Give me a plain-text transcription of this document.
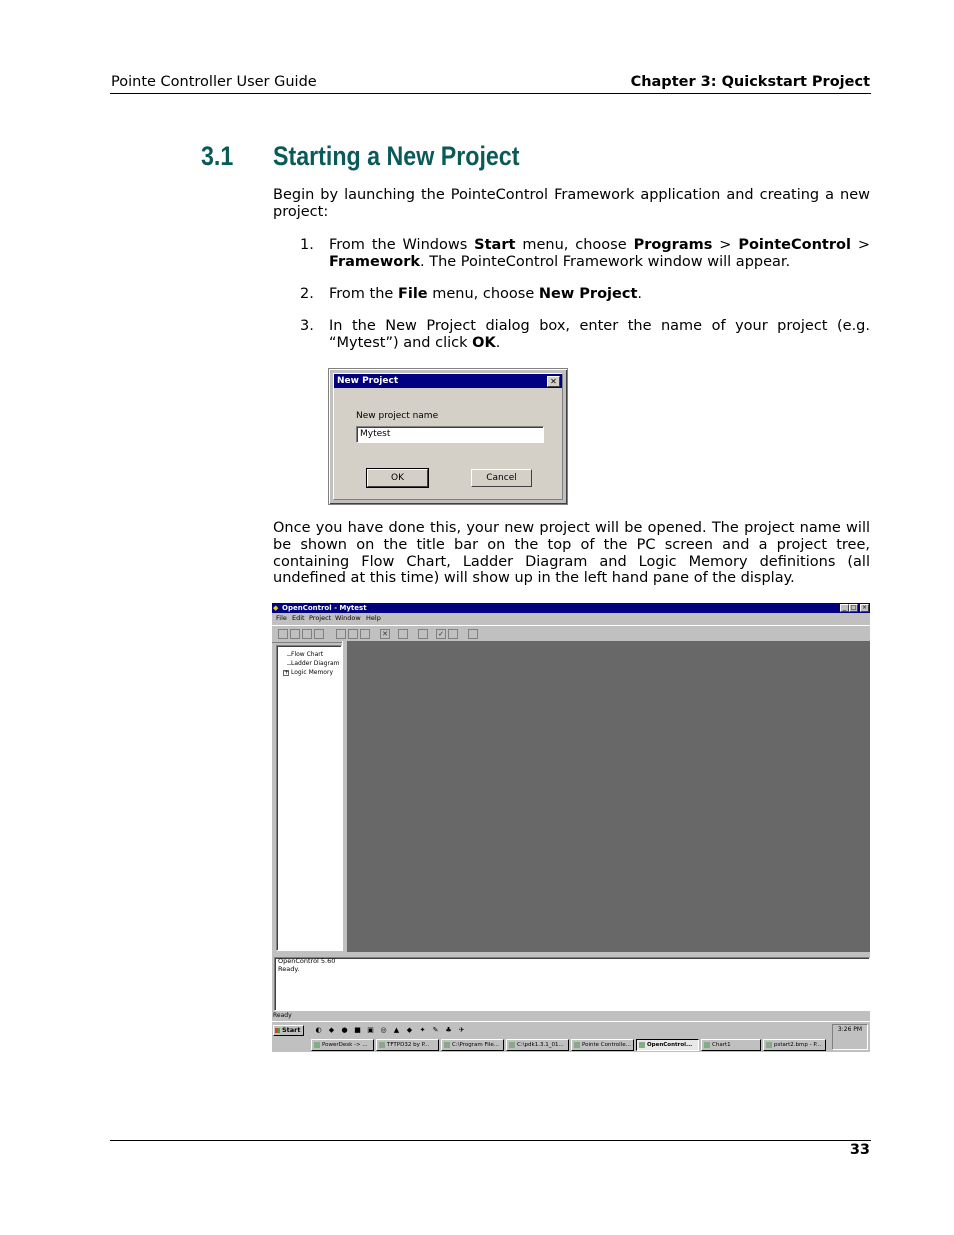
Pointe Controller User Guide	Chapter 3: Quickstart Project
3.1 Starting a New Project
Begin by launching the PointeControl Framework application and creating a new project:
1. From the Windows Start menu, choose Programs > PointeControl > Framework. The PointeControl Framework window will appear.
2. From the File menu, choose New Project.
3. In the New Project dialog box, enter the name of your project (e.g. “Mytest”) and click OK.
New Project	✕
New project name
Mytest
OK	Cancel
Once you have done this, your new project will be opened. The project name will be shown on the title bar on the top of the PC screen and a project tree, containing Flow Chart, Ladder Diagram and Logic Memory definitions (all undefined at this time) will show up in the left hand pane of the display.
◆ OpenControl - Mytest	_ □ ×
File Edit Project Window Help
✕	✓
Flow Chart
Ladder Diagram
+ Logic Memory
OpenControl 5.60
Ready.
Ready
Start	◐ ◆ ● ■ ▣ ◎ ▲ ◆ ✦ ✎ ♣ ✈	3:26 PM
PowerDesk -> ...	TFTPD32 by P...	C:\Program File...	C:\pdk1.3.1_01...	Pointe Controlle...	OpenControl...	Chart1	pstart2.bmp - P...
33
